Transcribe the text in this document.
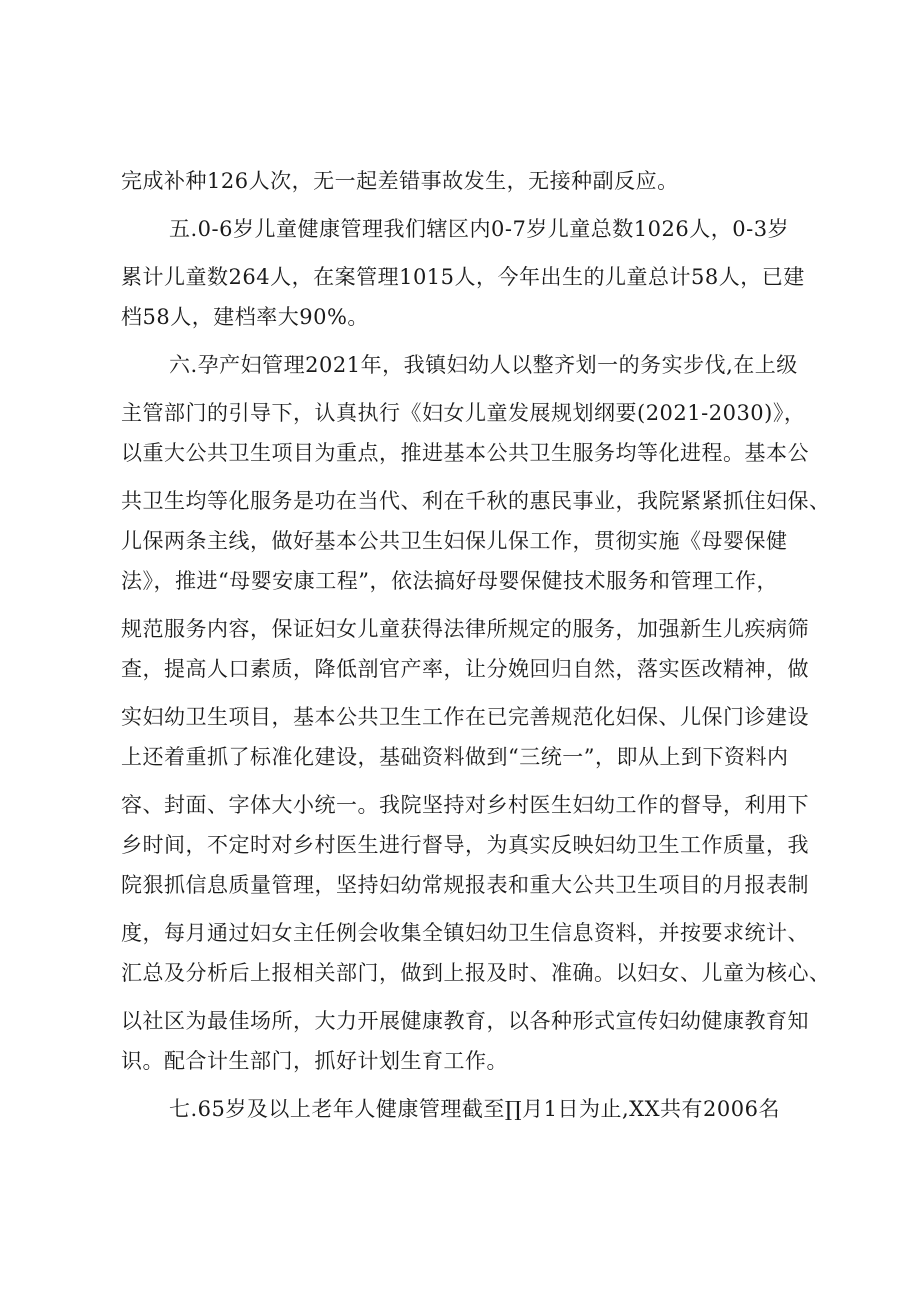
完成补种126人次，无一起差错事故发生，无接种副反应。
五.0-6岁儿童健康管理我们辖区内0-7岁儿童总数1026人，0-3岁
累计儿童数264人，在案管理1015人，今年出生的儿童总计58人，已建
档58人，建档率大90%。
六.孕产妇管理2021年，我镇妇幼人以整齐划一的务实步伐,在上级
主管部门的引导下，认真执行《妇女儿童发展规划纲要(2021-2030)》，
以重大公共卫生项目为重点，推进基本公共卫生服务均等化进程。基本公
共卫生均等化服务是功在当代、利在千秋的惠民事业，我院紧紧抓住妇保、
儿保两条主线，做好基本公共卫生妇保儿保工作，贯彻实施《母婴保健
法》，推进“母婴安康工程”，依法搞好母婴保健技术服务和管理工作，
规范服务内容，保证妇女儿童获得法律所规定的服务，加强新生儿疾病筛
查，提高人口素质，降低剖官产率，让分娩回归自然，落实医改精神，做
实妇幼卫生项目，基本公共卫生工作在已完善规范化妇保、儿保门诊建设
上还着重抓了标准化建设，基础资料做到“三统一”，即从上到下资料内
容、封面、字体大小统一。我院坚持对乡村医生妇幼工作的督导，利用下
乡时间，不定时对乡村医生进行督导，为真实反映妇幼卫生工作质量，我
院狠抓信息质量管理，坚持妇幼常规报表和重大公共卫生项目的月报表制
度，每月通过妇女主任例会收集全镇妇幼卫生信息资料，并按要求统计、
汇总及分析后上报相关部门，做到上报及时、准确。以妇女、儿童为核心、
以社区为最佳场所，大力开展健康教育，以各种形式宣传妇幼健康教育知
识。配合计生部门，抓好计划生育工作。
七.65岁及以上老年人健康管理截至∏月1日为止,XX共有2006名
